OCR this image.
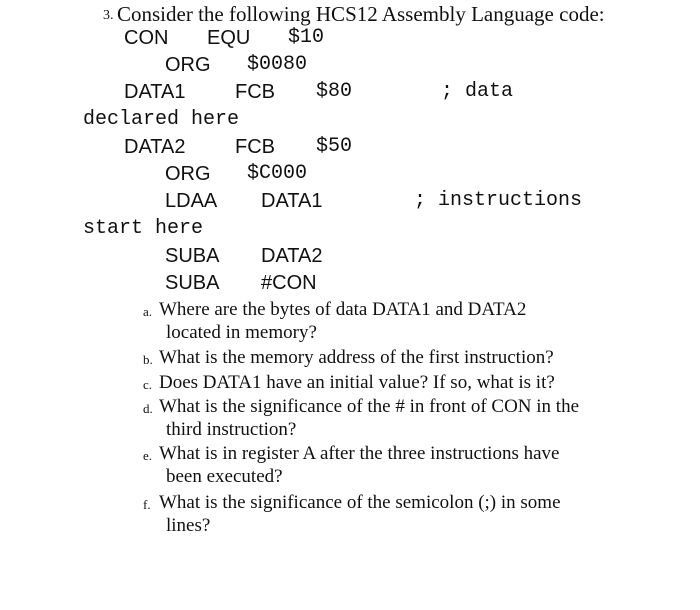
3. Consider the following HCS12 Assembly Language code:
CON EQU $10
ORG $0080
DATA1 FCB $80	; data
declared here
DATA2 FCB $50
ORG $C000
LDAA DATA1	; instructions
start here
SUBA DATA2
SUBA #CON
a. Where are the bytes of data DATA1 and DATA2
located in memory?
b. What is the memory address of the first instruction?
c. Does DATA1 have an initial value? If so, what is it?
d. What is the significance of the # in front of CON in the
third instruction?
e. What is in register A after the three instructions have
been executed?
f. What is the significance of the semicolon (;) in some
lines?
